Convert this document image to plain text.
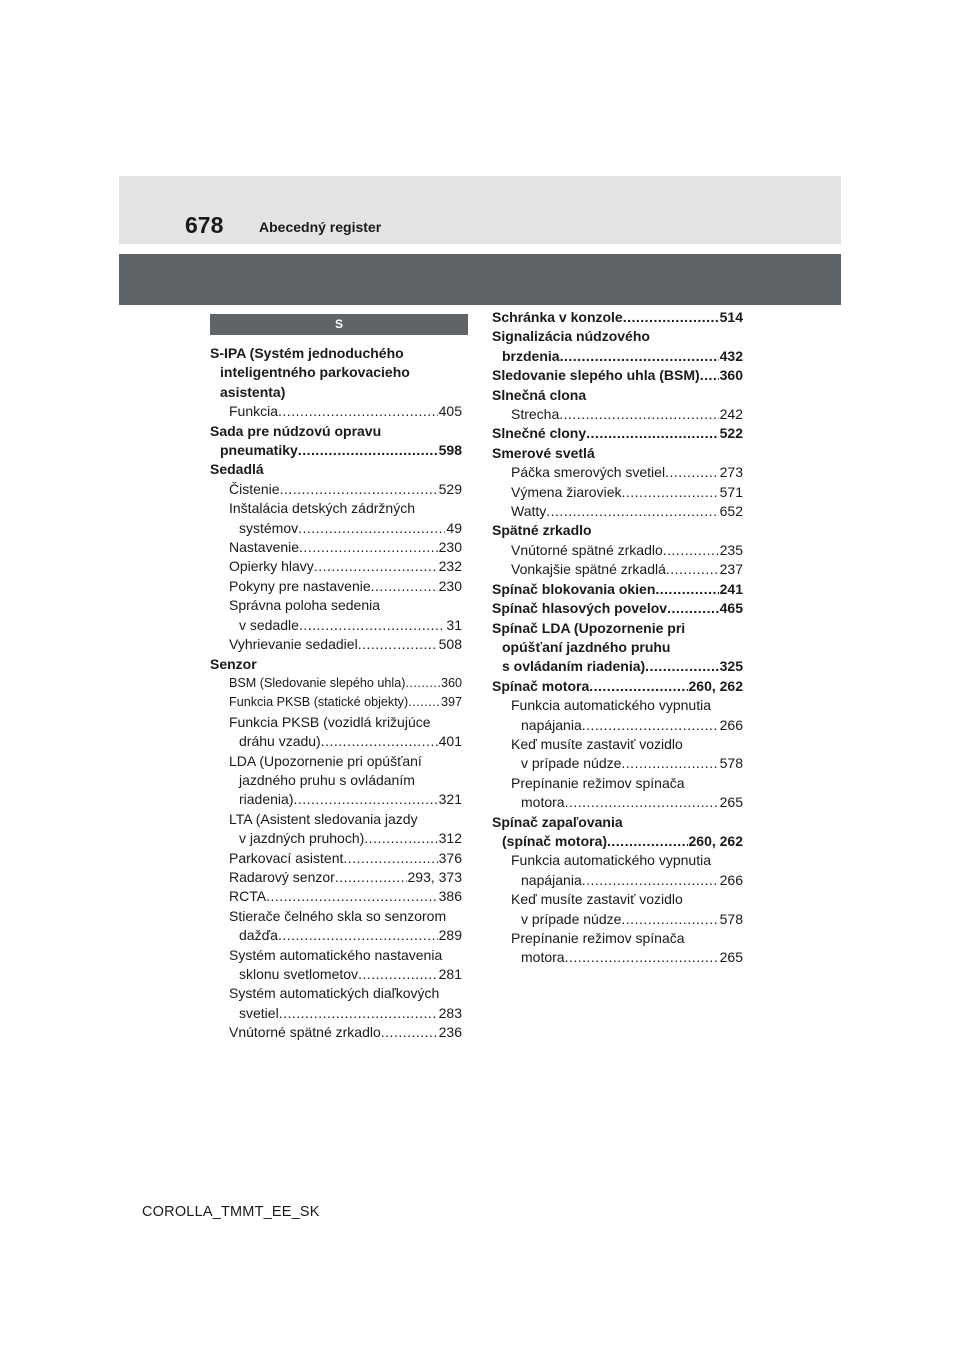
678	Abecedný register
S
S-IPA (Systém jednoduchého
inteligentného parkovacieho
asistenta)
Funkcia .....	405
Sada pre núdzovú opravu
pneumatiky .....	598
Sedadlá
Čistenie .....	529
Inštalácia detských zádržných
systémov .....	49
Nastavenie .....	230
Opierky hlavy .....	232
Pokyny pre nastavenie .....	230
Správna poloha sedenia
v sedadle .....	31
Vyhrievanie sedadiel .....	508
Senzor
BSM (Sledovanie slepého uhla) .....	360
Funkcia PKSB (statické objekty) .....	397
Funkcia PKSB (vozidlá križujúce
dráhu vzadu) .....	401
LDA (Upozornenie pri opúšťaní
jazdného pruhu s ovládaním
riadenia) .....	321
LTA (Asistent sledovania jazdy
v jazdných pruhoch) .....	312
Parkovací asistent .....	376
Radarový senzor .....	293, 373
RCTA .....	386
Stierače čelného skla so senzorom
dažďa .....	289
Systém automatického nastavenia
sklonu svetlometov .....	281
Systém automatických diaľkových
svetiel .....	283
Vnútorné spätné zrkadlo .....	236
Schránka v konzole .....	514
Signalizácia núdzového
brzdenia .....	432
Sledovanie slepého uhla (BSM) ..... 360
Slnečná clona
Strecha .....	242
Slnečné clony .....	522
Smerové svetlá
Páčka smerových svetiel .....	273
Výmena žiaroviek .....	571
Watty .....	652
Spätné zrkadlo
Vnútorné spätné zrkadlo .....	235
Vonkajšie spätné zrkadlá .....	237
Spínač blokovania okien .....	241
Spínač hlasových povelov .....	465
Spínač LDA (Upozornenie pri
opúšťaní jazdného pruhu
s ovládaním riadenia) .....	325
Spínač motora .....	260, 262
Funkcia automatického vypnutia
napájania .....	266
Keď musíte zastaviť vozidlo
v prípade núdze .....	578
Prepínanie režimov spínača
motora .....	265
Spínač zapaľovania
(spínač motora) .....	260, 262
Funkcia automatického vypnutia
napájania .....	266
Keď musíte zastaviť vozidlo
v prípade núdze .....	578
Prepínanie režimov spínača
motora .....	265
COROLLA_TMMT_EE_SK
